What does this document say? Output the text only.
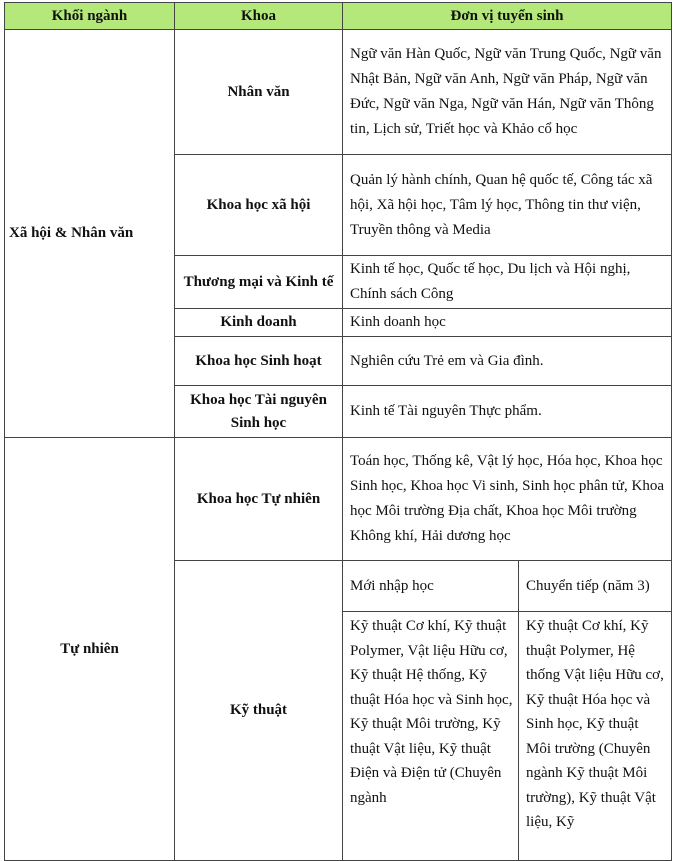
Khối ngành	Khoa	Đơn vị tuyển sinh	
Xã hội & Nhân văn	Nhân văn	Ngữ văn Hàn Quốc, Ngữ văn Trung Quốc, Ngữ văn Nhật Bản, Ngữ văn Anh, Ngữ văn Pháp, Ngữ văn Đức, Ngữ văn Nga, Ngữ văn Hán, Ngữ văn Thông tin, Lịch sử, Triết học và Khảo cổ học	
	Khoa học xã hội	Quản lý hành chính, Quan hệ quốc tế, Công tác xã hội, Xã hội học, Tâm lý học, Thông tin thư viện, Truyền thông và Media	
	Thương mại và Kinh tế	Kinh tế học, Quốc tế học, Du lịch và Hội nghị, Chính sách Công	
	Kinh doanh	Kinh doanh học	
	Khoa học Sinh hoạt	Nghiên cứu Trẻ em và Gia đình.	
	Khoa học Tài nguyên Sinh học	Kinh tế Tài nguyên Thực phẩm.	
Tự nhiên	Khoa học Tự nhiên	Toán học, Thống kê, Vật lý học, Hóa học, Khoa học Sinh học, Khoa học Vi sinh, Sinh học phân tử, Khoa học Môi trường Địa chất, Khoa học Môi trường Không khí, Hải dương học	
	Kỹ thuật	Mới nhập học	Chuyển tiếp (năm 3)

		Kỹ thuật Cơ khí, Kỹ thuật Polymer, Vật liệu Hữu cơ, Kỹ thuật Hệ thống, Kỹ thuật Hóa học và Sinh học, Kỹ thuật Môi trường, Kỹ thuật Vật liệu, Kỹ thuật Điện và Điện tử (Chuyên ngành	Kỹ thuật Cơ khí, Kỹ thuật Polymer, Hệ thống Vật liệu Hữu cơ, Kỹ thuật Hóa học và Sinh học, Kỹ thuật Môi trường (Chuyên ngành Kỹ thuật Môi trường), Kỹ thuật Vật liệu, Kỹ
